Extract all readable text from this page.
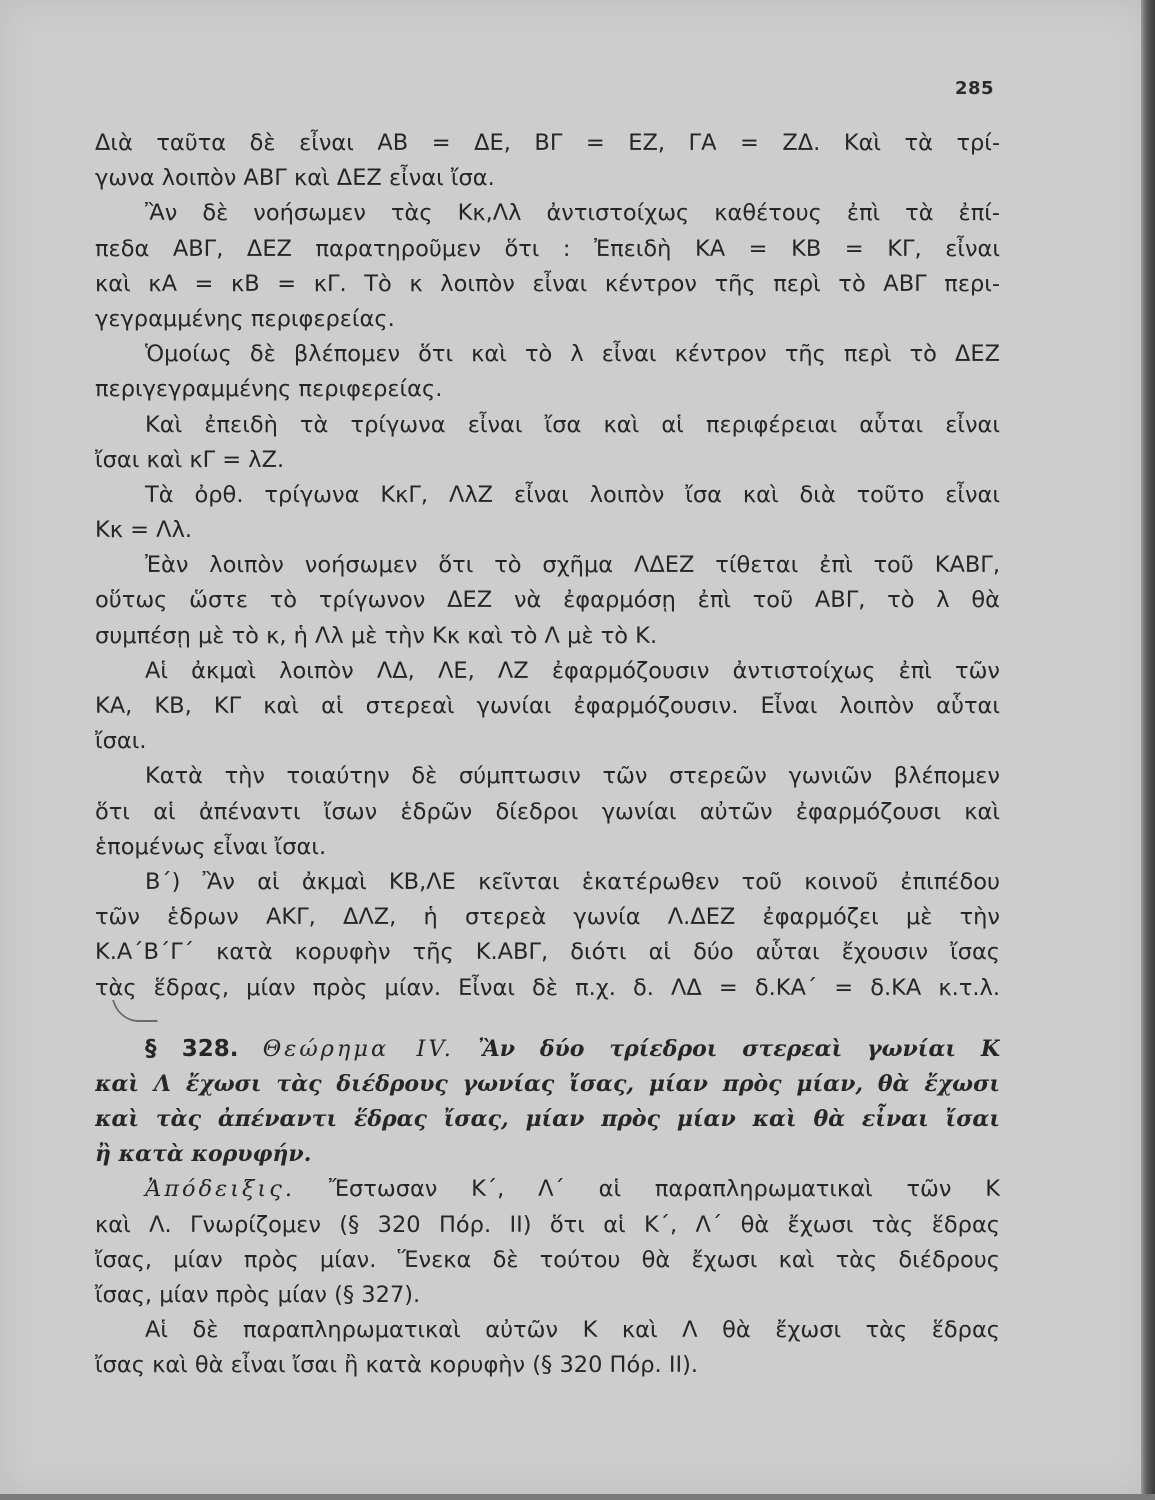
285
Διὰ ταῦτα δὲ εἶναι ΑΒ = ΔΕ, ΒΓ = ΕΖ, ΓΑ = ΖΔ. Καὶ τὰ τρί-
γωνα λοιπὸν ΑΒΓ καὶ ΔΕΖ εἶναι ἴσα.
Ἂν δὲ νοήσωμεν τὰς Κκ,Λλ ἀντιστοίχως καθέτους ἐπὶ τὰ ἐπί-
πεδα ΑΒΓ, ΔΕΖ παρατηροῦμεν ὅτι : Ἐπειδὴ ΚΑ = ΚΒ = ΚΓ, εἶναι
καὶ κΑ = κΒ = κΓ. Τὸ κ λοιπὸν εἶναι κέντρον τῆς περὶ τὸ ΑΒΓ περι-
γεγραμμένης περιφερείας.
Ὁμοίως δὲ βλέπομεν ὅτι καὶ τὸ λ εἶναι κέντρον τῆς περὶ τὸ ΔΕΖ
περιγεγραμμένης περιφερείας.
Καὶ ἐπειδὴ τὰ τρίγωνα εἶναι ἴσα καὶ αἱ περιφέρειαι αὗται εἶναι
ἴσαι καὶ κΓ = λΖ.
Τὰ ὀρθ. τρίγωνα ΚκΓ, ΛλΖ εἶναι λοιπὸν ἴσα καὶ διὰ τοῦτο εἶναι
Κκ = Λλ.
Ἐὰν λοιπὸν νοήσωμεν ὅτι τὸ σχῆμα ΛΔΕΖ τίθεται ἐπὶ τοῦ ΚΑΒΓ,
οὕτως ὥστε τὸ τρίγωνον ΔΕΖ νὰ ἐφαρμόσῃ ἐπὶ τοῦ ΑΒΓ, τὸ λ θὰ
συμπέσῃ μὲ τὸ κ, ἡ Λλ μὲ τὴν Κκ καὶ τὸ Λ μὲ τὸ Κ.
Αἱ ἀκμαὶ λοιπὸν ΛΔ, ΛΕ, ΛΖ ἐφαρμόζουσιν ἀντιστοίχως ἐπὶ τῶν
ΚΑ, ΚΒ, ΚΓ καὶ αἱ στερεαὶ γωνίαι ἐφαρμόζουσιν. Εἶναι λοιπὸν αὗται
ἴσαι.
Κατὰ τὴν τοιαύτην δὲ σύμπτωσιν τῶν στερεῶν γωνιῶν βλέπομεν
ὅτι αἱ ἀπέναντι ἴσων ἑδρῶν δίεδροι γωνίαι αὐτῶν ἐφαρμόζουσι καὶ
ἑπομένως εἶναι ἴσαι.
Β΄) Ἂν αἱ ἀκμαὶ ΚΒ,ΛΕ κεῖνται ἑκατέρωθεν τοῦ κοινοῦ ἐπιπέδου
τῶν ἑδρων ΑΚΓ, ΔΛΖ, ἡ στερεὰ γωνία Λ.ΔΕΖ ἐφαρμόζει μὲ τὴν
Κ.Α΄Β΄Γ΄ κατὰ κορυφὴν τῆς Κ.ΑΒΓ, διότι αἱ δύο αὗται ἔχουσιν ἴσας
τὰς ἕδρας, μίαν πρὸς μίαν. Εἶναι δὲ π.χ. δ. ΛΔ = δ.ΚΑ΄ = δ.ΚΑ κ.τ.λ.
§ 328. Θεώρημα IV. Ἂν δύο τρίεδροι στερεαὶ γωνίαι Κ
καὶ Λ ἔχωσι τὰς διέδρους γωνίας ἴσας, μίαν πρὸς μίαν, θὰ ἔχωσι
καὶ τὰς ἀπέναντι ἕδρας ἴσας, μίαν πρὸς μίαν καὶ θὰ εἶναι ἴσαι
ἢ κατὰ κορυφήν.
Ἀπόδειξις. Ἔστωσαν Κ΄, Λ΄ αἱ παραπληρωματικαὶ τῶν Κ
καὶ Λ. Γνωρίζομεν (§ 320 Πόρ. ΙΙ) ὅτι αἱ Κ΄, Λ΄ θὰ ἔχωσι τὰς ἕδρας
ἴσας, μίαν πρὸς μίαν. Ἕνεκα δὲ τούτου θὰ ἔχωσι καὶ τὰς διέδρους
ἴσας, μίαν πρὸς μίαν (§ 327).
Αἱ δὲ παραπληρωματικαὶ αὐτῶν Κ καὶ Λ θὰ ἔχωσι τὰς ἕδρας
ἴσας καὶ θὰ εἶναι ἴσαι ἢ κατὰ κορυφὴν (§ 320 Πόρ. ΙΙ).
